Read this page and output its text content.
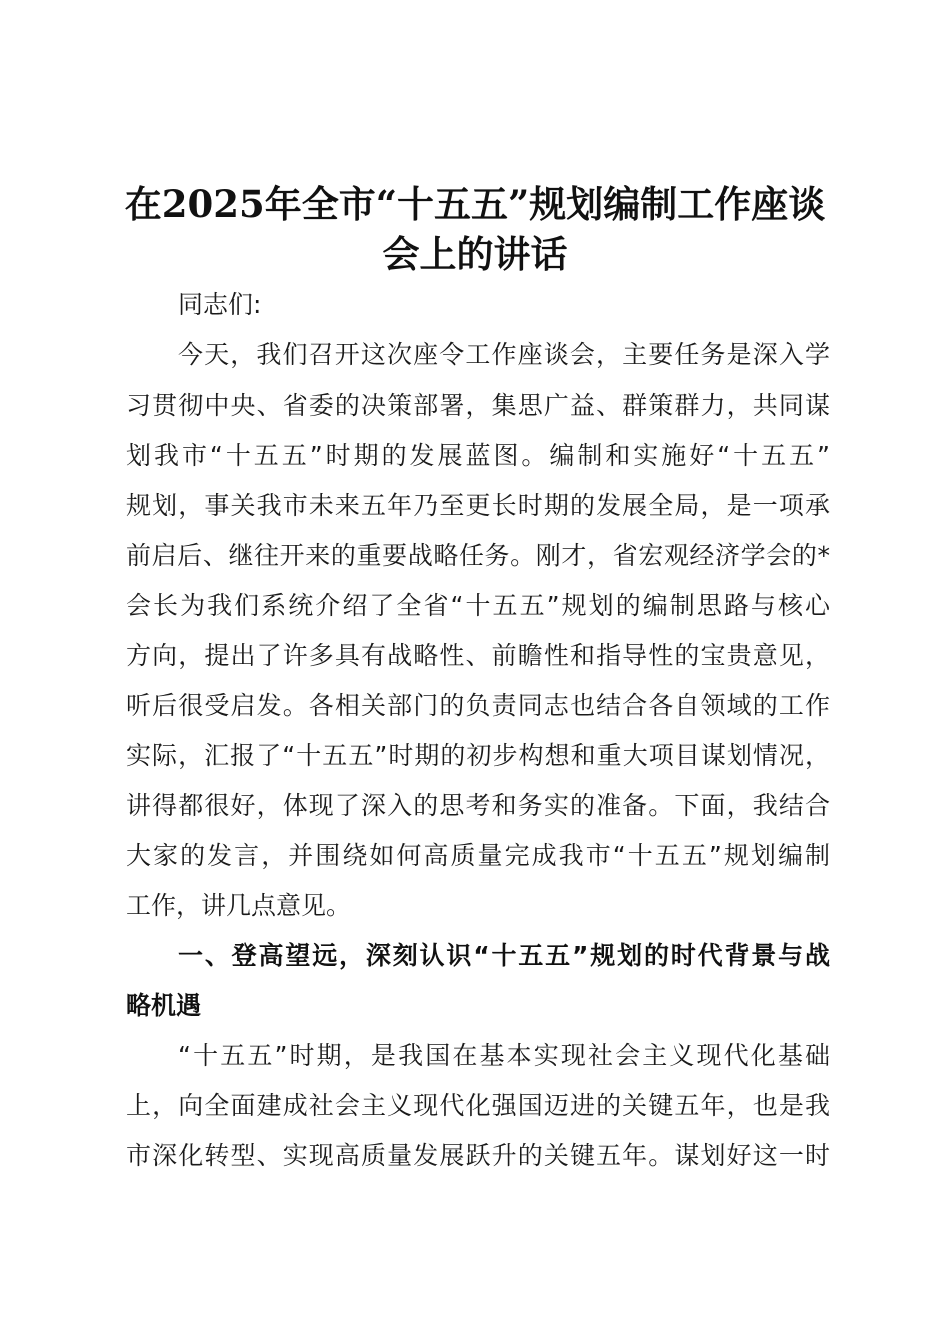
在2025年全市“十五五”规划编制工作座谈
会上的讲话
同志们:
今天，我们召开这次座令工作座谈会，主要任务是深入学
习贯彻中央、省委的决策部署，集思广益、群策群力，共同谋
划我市“十五五”时期的发展蓝图。编制和实施好“十五五”
规划，事关我市未来五年乃至更长时期的发展全局，是一项承
前启后、继往开来的重要战略任务。刚才，省宏观经济学会的*
会长为我们系统介绍了全省“十五五”规划的编制思路与核心
方向，提出了许多具有战略性、前瞻性和指导性的宝贵意见，
听后很受启发。各相关部门的负责同志也结合各自领域的工作
实际，汇报了“十五五”时期的初步构想和重大项目谋划情况，
讲得都很好，体现了深入的思考和务实的准备。下面，我结合
大家的发言，并围绕如何高质量完成我市“十五五”规划编制
工作，讲几点意见。
一、登高望远，深刻认识“十五五”规划的时代背景与战
略机遇
“十五五”时期，是我国在基本实现社会主义现代化基础
上，向全面建成社会主义现代化强国迈进的关键五年，也是我
市深化转型、实现高质量发展跃升的关键五年。谋划好这一时
